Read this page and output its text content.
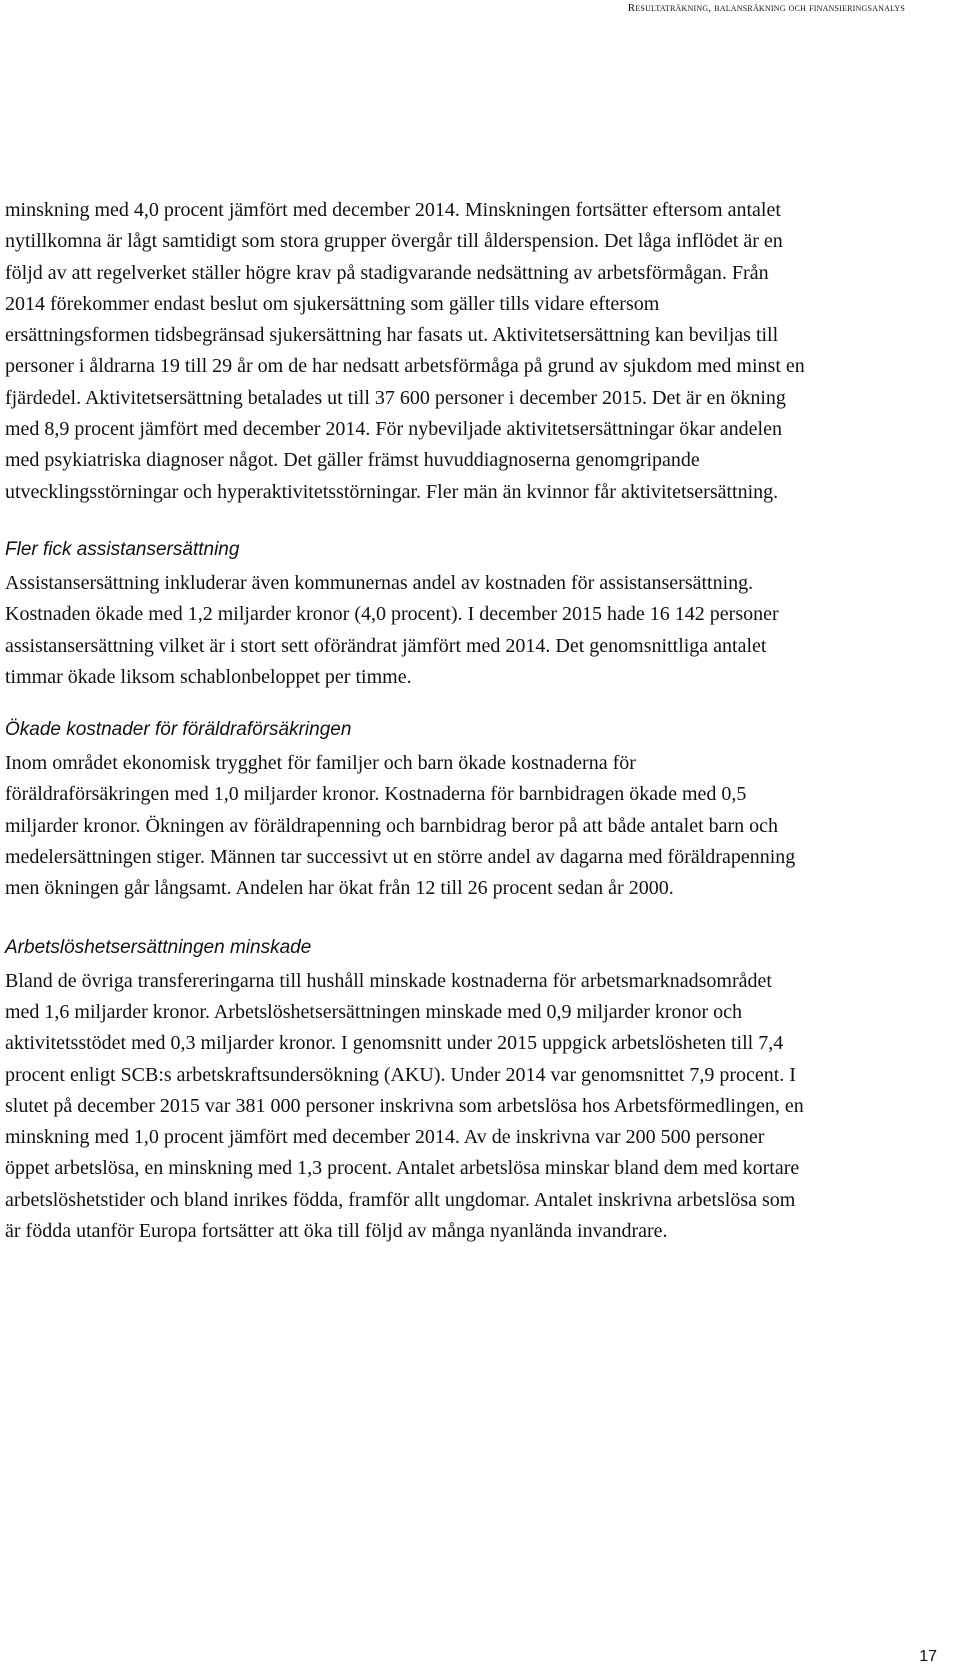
Resultaträkning, balansräkning och finansieringsanalys

minskning med 4,0 procent jämfört med december 2014. Minskningen fortsätter eftersom antalet nytillkomna är lågt samtidigt som stora grupper övergår till ålderspension. Det låga inflödet är en följd av att regelverket ställer högre krav på stadigvarande nedsättning av arbetsförmågan. Från 2014 förekommer endast beslut om sjukersättning som gäller tills vidare eftersom ersättningsformen tidsbegränsad sjukersättning har fasats ut. Aktivitetsersättning kan beviljas till personer i åldrarna 19 till 29 år om de har nedsatt arbetsförmåga på grund av sjukdom med minst en fjärdedel. Aktivitetsersättning betalades ut till 37 600 personer i december 2015. Det är en ökning med 8,9 procent jämfört med december 2014. För nybeviljade aktivitetsersättningar ökar andelen med psykiatriska diagnoser något. Det gäller främst huvuddiagnoserna genomgripande utvecklingsstörningar och hyperaktivitetsstörningar. Fler män än kvinnor får aktivitetsersättning.

Fler fick assistansersättning

Assistansersättning inkluderar även kommunernas andel av kostnaden för assistansersättning. Kostnaden ökade med 1,2 miljarder kronor (4,0 procent). I december 2015 hade 16 142 personer assistansersättning vilket är i stort sett oförändrat jämfört med 2014. Det genomsnittliga antalet timmar ökade liksom schablonbeloppet per timme.

Ökade kostnader för föräldraförsäkringen

Inom området ekonomisk trygghet för familjer och barn ökade kostnaderna för föräldraförsäkringen med 1,0 miljarder kronor. Kostnaderna för barnbidragen ökade med 0,5 miljarder kronor. Ökningen av föräldrapenning och barnbidrag beror på att både antalet barn och medelersättningen stiger. Männen tar successivt ut en större andel av dagarna med föräldrapenning men ökningen går långsamt. Andelen har ökat från 12 till 26 procent sedan år 2000.

Arbetslöshetsersättningen minskade

Bland de övriga transfereringarna till hushåll minskade kostnaderna för arbetsmarknadsområdet med 1,6 miljarder kronor. Arbetslöshetsersättningen minskade med 0,9 miljarder kronor och aktivitetsstödet med 0,3 miljarder kronor. I genomsnitt under 2015 uppgick arbetslösheten till 7,4 procent enligt SCB:s arbetskraftsundersökning (AKU). Under 2014 var genomsnittet 7,9 procent. I slutet på december 2015 var 381 000 personer inskrivna som arbetslösa hos Arbetsförmedlingen, en minskning med 1,0 procent jämfört med december 2014. Av de inskrivna var 200 500 personer öppet arbetslösa, en minskning med 1,3 procent. Antalet arbetslösa minskar bland dem med kortare arbetslöshetstider och bland inrikes födda, framför allt ungdomar. Antalet inskrivna arbetslösa som är födda utanför Europa fortsätter att öka till följd av många nyanlända invandrare.

17
